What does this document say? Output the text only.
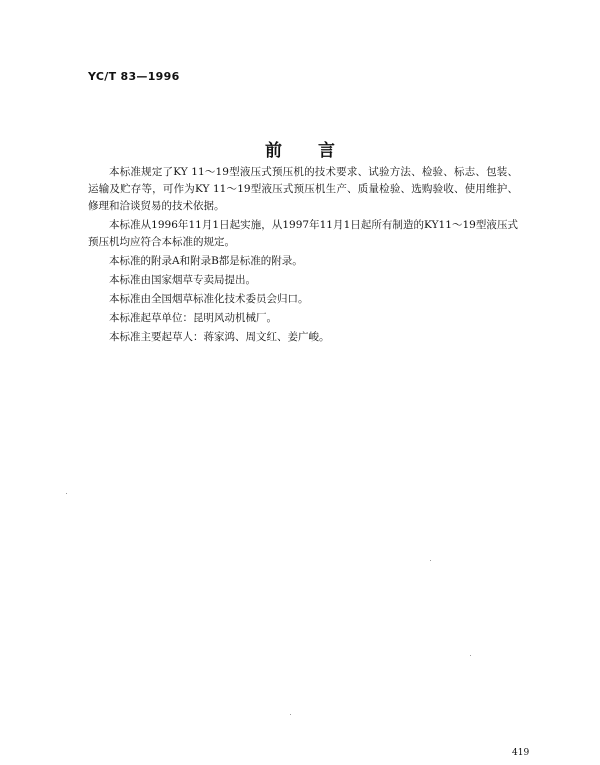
YC/T 83—1996
前言

本标准规定了KY 11～19型液压式预压机的技术要求、试验方法、检验、标志、包装、运输及贮存等，可作为KY 11～19型液压式预压机生产、质量检验、选购验收、使用维护、修理和洽谈贸易的技术依据。

本标准从1996年11月1日起实施，从1997年11月1日起所有制造的KY11～19型液压式预压机均应符合本标准的规定。

本标准的附录A和附录B都是标准的附录。

本标准由国家烟草专卖局提出。

本标准由全国烟草标准化技术委员会归口。

本标准起草单位：昆明风动机械厂。

本标准主要起草人：蒋家鸿、周文红、姜广峻。

419
